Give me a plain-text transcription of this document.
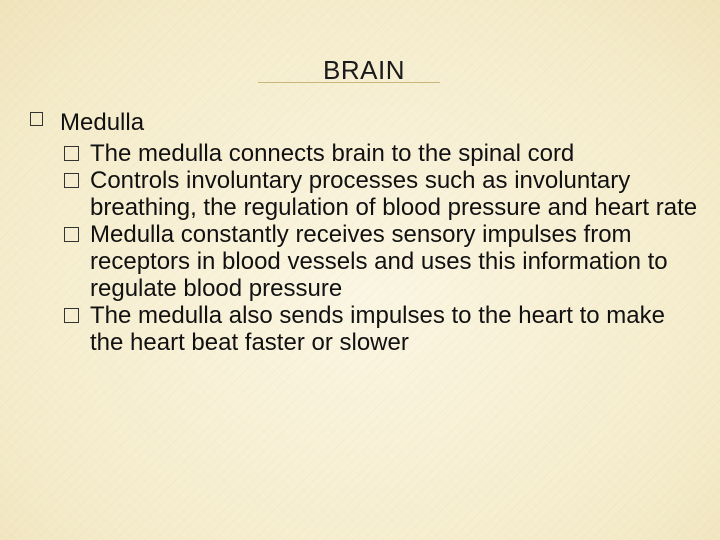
BRAIN
Medulla
The medulla connects brain to the spinal cord
Controls involuntary processes such as involuntary breathing, the regulation of blood pressure and heart rate
Medulla constantly receives sensory impulses from receptors in blood vessels and uses this information to regulate blood pressure
The medulla also sends impulses to the heart to make the heart beat faster or slower
